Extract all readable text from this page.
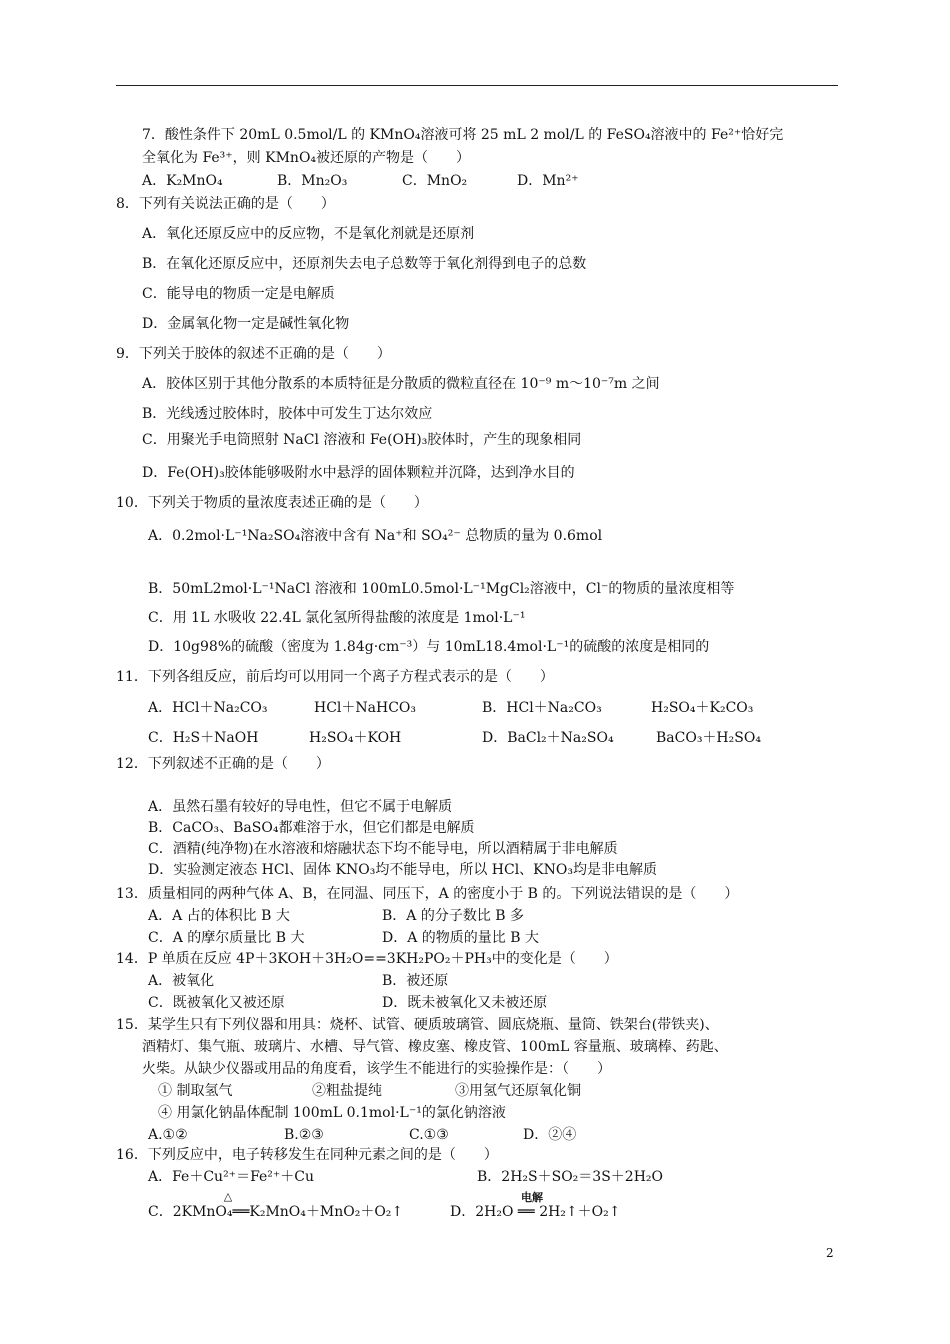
7．酸性条件下 20mL 0.5mol/L 的 KMnO₄溶液可将 25 mL 2 mol/L 的 FeSO₄溶液中的 Fe²⁺恰好完
全氧化为 Fe³⁺，则 KMnO₄被还原的产物是（　　）
A．K₂MnO₄	B．Mn₂O₃	C．MnO₂	D．Mn²⁺
8．下列有关说法正确的是（　　）
A．氧化还原反应中的反应物，不是氧化剂就是还原剂
B．在氧化还原反应中，还原剂失去电子总数等于氧化剂得到电子的总数
C．能导电的物质一定是电解质
D．金属氧化物一定是碱性氧化物
9．下列关于胶体的叙述不正确的是（　　）
A．胶体区别于其他分散系的本质特征是分散质的微粒直径在 10⁻⁹ m～10⁻⁷m 之间
B．光线透过胶体时，胶体中可发生丁达尔效应
C．用聚光手电筒照射 NaCl 溶液和 Fe(OH)₃胶体时，产生的现象相同
D．Fe(OH)₃胶体能够吸附水中悬浮的固体颗粒并沉降，达到净水目的
10．下列关于物质的量浓度表述正确的是（　　）
A．0.2mol·L⁻¹Na₂SO₄溶液中含有 Na⁺和 SO₄²⁻ 总物质的量为 0.6mol
B．50mL2mol·L⁻¹NaCl 溶液和 100mL0.5mol·L⁻¹MgCl₂溶液中，Cl⁻的物质的量浓度相等
C．用 1L 水吸收 22.4L 氯化氢所得盐酸的浓度是 1mol·L⁻¹
D．10g98%的硫酸（密度为 1.84g·cm⁻³）与 10mL18.4mol·L⁻¹的硫酸的浓度是相同的
11．下列各组反应，前后均可以用同一个离子方程式表示的是（　　）
A．HCl＋Na₂CO₃	HCl＋NaHCO₃	B．HCl＋Na₂CO₃	H₂SO₄＋K₂CO₃
C．H₂S＋NaOH	H₂SO₄＋KOH	D．BaCl₂＋Na₂SO₄	BaCO₃＋H₂SO₄
12．下列叙述不正确的是（　　）
A．虽然石墨有较好的导电性，但它不属于电解质
B．CaCO₃、BaSO₄都难溶于水，但它们都是电解质
C．酒精(纯净物)在水溶液和熔融状态下均不能导电，所以酒精属于非电解质
D．实验测定液态 HCl、固体 KNO₃均不能导电，所以 HCl、KNO₃均是非电解质
13．质量相同的两种气体 A、B，在同温、同压下，A 的密度小于 B 的。下列说法错误的是（　　）
A．A 占的体积比 B 大	B．A 的分子数比 B 多
C．A 的摩尔质量比 B 大	D．A 的物质的量比 B 大
14．P 单质在反应 4P＋3KOH＋3H₂O==3KH₂PO₂＋PH₃中的变化是（　　）
A．被氧化	B．被还原
C．既被氧化又被还原	D．既未被氧化又未被还原
15．某学生只有下列仪器和用具：烧杯、试管、硬质玻璃管、圆底烧瓶、量筒、铁架台(带铁夹)、
酒精灯、集气瓶、玻璃片、水槽、导气管、橡皮塞、橡皮管、100mL 容量瓶、玻璃棒、药匙、
火柴。从缺少仪器或用品的角度看，该学生不能进行的实验操作是：（　　）
① 制取氢气	②粗盐提纯	③用氢气还原氧化铜
④ 用氯化钠晶体配制 100mL 0.1mol·L⁻¹的氯化钠溶液
A.①②	B.②③	C.①③	D．②④
16．下列反应中，电子转移发生在同种元素之间的是（　　）
A．Fe＋Cu²⁺＝Fe²⁺＋Cu	B．2H₂S＋SO₂＝3S＋2H₂O
C．2KMnO₄══K₂MnO₄＋MnO₂＋O₂↑	D．2H₂O ══ 2H₂↑＋O₂↑
△	电解
2
